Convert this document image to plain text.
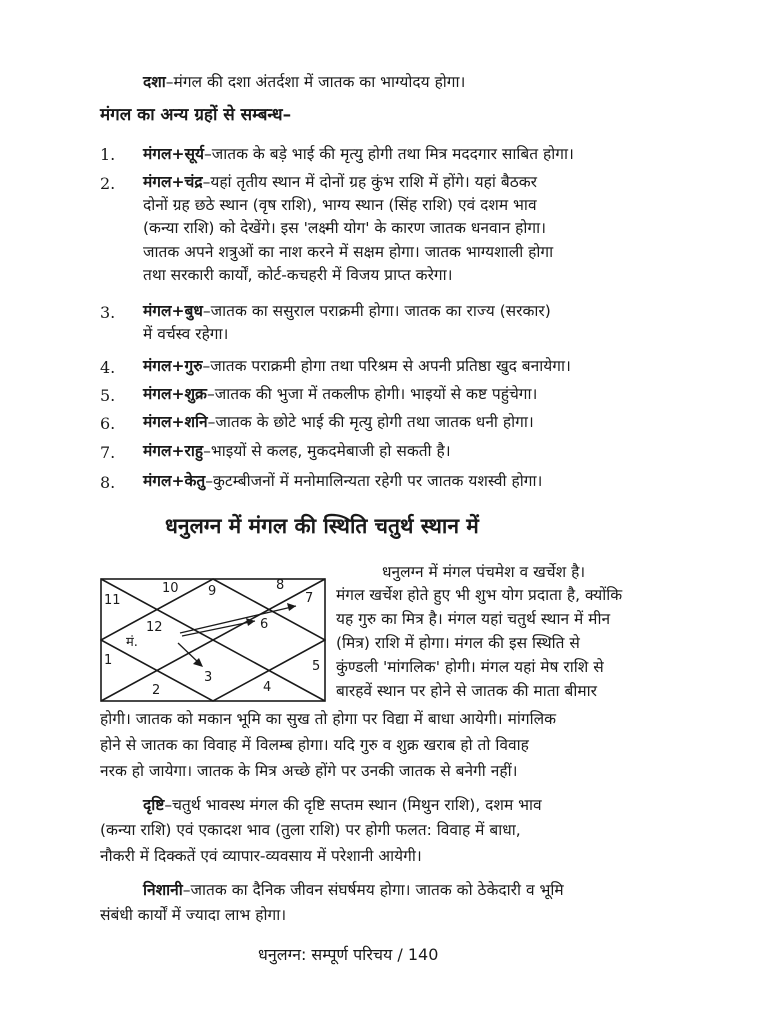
दशा–मंगल की दशा अंतर्दशा में जातक का भाग्योदय होगा।
मंगल का अन्य ग्रहों से सम्बन्ध–
1. मंगल+सूर्य–जातक के बड़े भाई की मृत्यु होगी तथा मित्र मददगार साबित होगा।
2. मंगल+चंद्र–यहां तृतीय स्थान में दोनों ग्रह कुंभ राशि में होंगे। यहां बैठकर
दोनों ग्रह छठे स्थान (वृष राशि), भाग्य स्थान (सिंह राशि) एवं दशम भाव
(कन्या राशि) को देखेंगे। इस 'लक्ष्मी योग' के कारण जातक धनवान होगा।
जातक अपने शत्रुओं का नाश करने में सक्षम होगा। जातक भाग्यशाली होगा
तथा सरकारी कार्यों, कोर्ट-कचहरी में विजय प्राप्त करेगा।
3. मंगल+बुध–जातक का ससुराल पराक्रमी होगा। जातक का राज्य (सरकार)
में वर्चस्व रहेगा।
4. मंगल+गुरु–जातक पराक्रमी होगा तथा परिश्रम से अपनी प्रतिष्ठा खुद बनायेगा।
5. मंगल+शुक्र–जातक की भुजा में तकलीफ होगी। भाइयों से कष्ट पहुंचेगा।
6. मंगल+शनि–जातक के छोटे भाई की मृत्यु होगी तथा जातक धनी होगा।
7. मंगल+राहु–भाइयों से कलह, मुकदमेबाजी हो सकती है।
8. मंगल+केतु–कुटम्बीजनों में मनोमालिन्यता रहेगी पर जातक यशस्वी होगा।
धनुलग्न में मंगल की स्थिति चतुर्थ स्थान में
10 9	8
7
11
12	6
1
3
5
2	4
मं.
धनुलग्न में मंगल पंचमेश व खर्चेश है।
मंगल खर्चेश होते हुए भी शुभ योग प्रदाता है, क्योंकि
यह गुरु का मित्र है। मंगल यहां चतुर्थ स्थान में मीन
(मित्र) राशि में होगा। मंगल की इस स्थिति से
कुंण्डली 'मांगलिक' होगी। मंगल यहां मेष राशि से
बारहवें स्थान पर होने से जातक की माता बीमार
होगी। जातक को मकान भूमि का सुख तो होगा पर विद्या में बाधा आयेगी। मांगलिक
होने से जातक का विवाह में विलम्ब होगा। यदि गुरु व शुक्र खराब हो तो विवाह
नरक हो जायेगा। जातक के मित्र अच्छे होंगे पर उनकी जातक से बनेगी नहीं।
दृष्टि–चतुर्थ भावस्थ मंगल की दृष्टि सप्तम स्थान (मिथुन राशि), दशम भाव
(कन्या राशि) एवं एकादश भाव (तुला राशि) पर होगी फलत: विवाह में बाधा,
नौकरी में दिक्कतें एवं व्यापार-व्यवसाय में परेशानी आयेगी।
निशानी–जातक का दैनिक जीवन संघर्षमय होगा। जातक को ठेकेदारी व भूमि
संबंधी कार्यों में ज्यादा लाभ होगा।
धनुलग्न: सम्पूर्ण परिचय / 140
